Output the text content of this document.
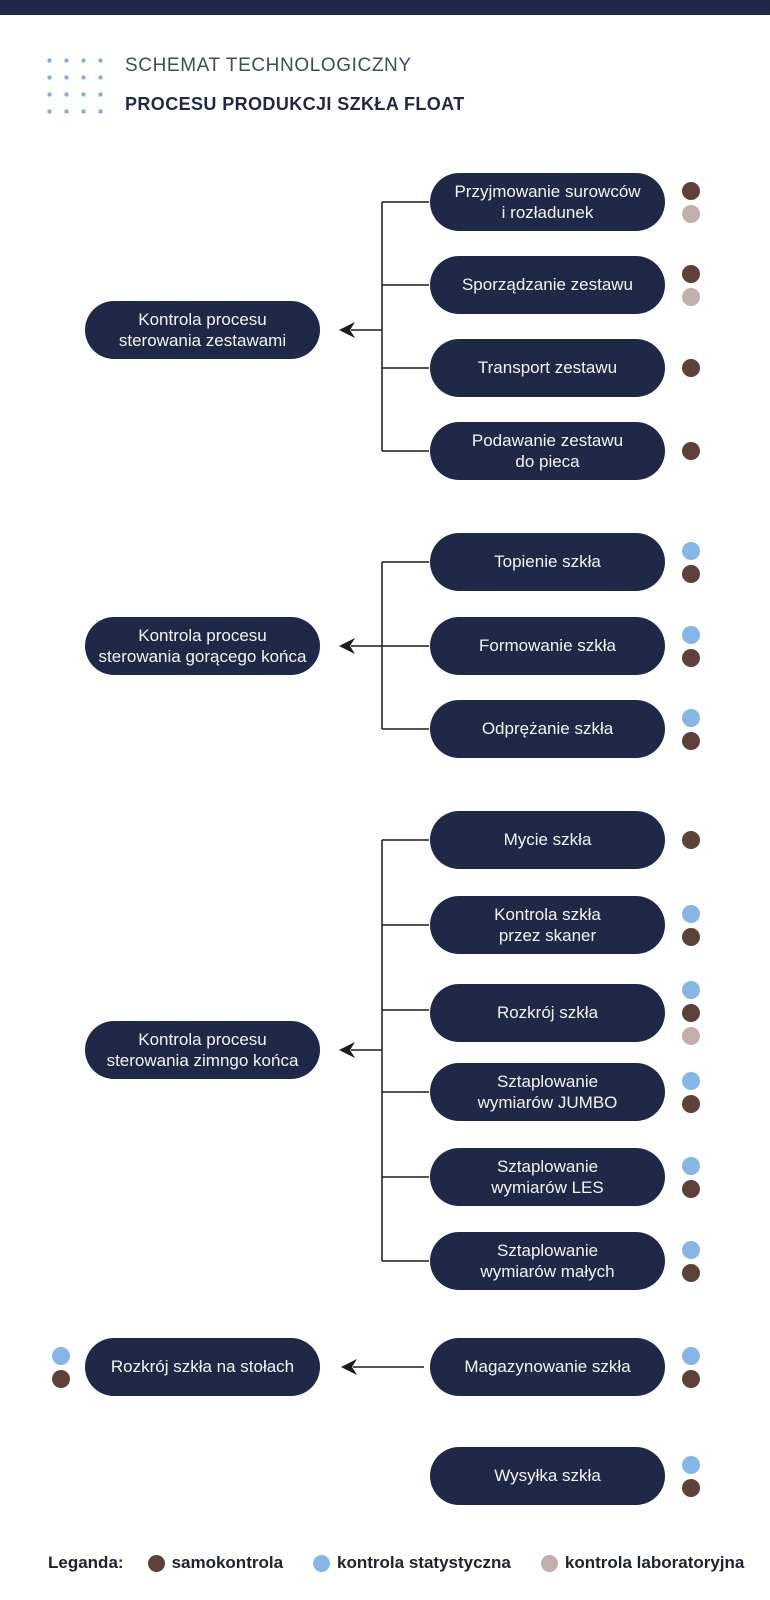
SCHEMAT TECHNOLOGICZNY
PROCESU PRODUKCJI SZKŁA FLOAT
Kontrola procesu
sterowania zestawami
Przyjmowanie surowców
i rozładunek
Sporządzanie zestawu
Transport zestawu
Podawanie zestawu
do pieca
Kontrola procesu
sterowania gorącego końca
Topienie szkła
Formowanie szkła
Odprężanie szkła
Kontrola procesu
sterowania zimngo końca
Mycie szkła
Kontrola szkła
przez skaner
Rozkrój szkła
Sztaplowanie
wymiarów JUMBO
Sztaplowanie
wymiarów LES
Sztaplowanie
wymiarów małych
Rozkrój szkła na stołach	Magazynowanie szkła
Wysyłka szkła
Leganda:	samokontrola	kontrola statystyczna	kontrola laboratoryjna
